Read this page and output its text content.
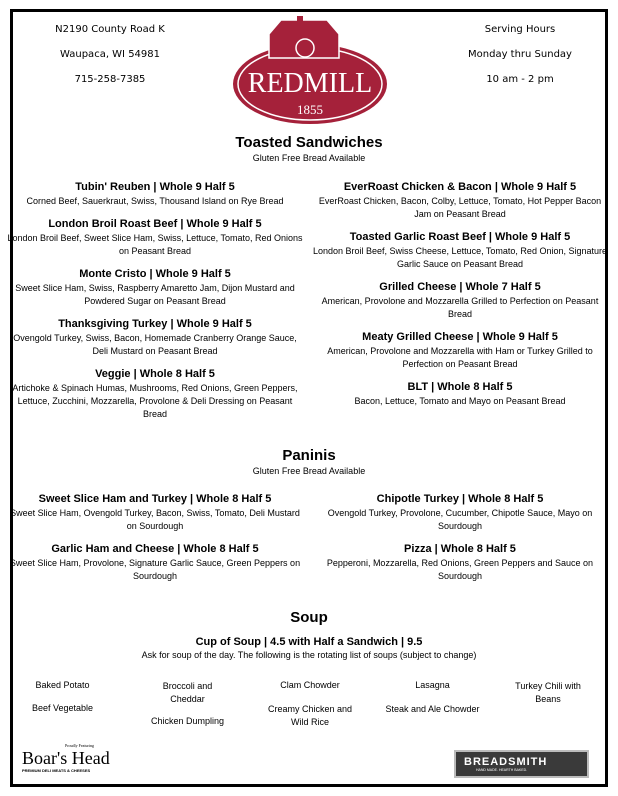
N2190 County Road K
Waupaca, WI 54981
715-258-7385
Serving Hours
Monday thru Sunday
10 am - 2 pm
REDMILL
1855
Toasted Sandwiches
Gluten Free Bread Available
Tubin' Reuben | Whole 9 Half 5
Corned Beef, Sauerkraut, Swiss, Thousand Island on Rye Bread
London Broil Roast Beef | Whole 9 Half 5
London Broil Beef, Sweet Slice Ham, Swiss, Lettuce, Tomato, Red Onions on Peasant Bread
Monte Cristo | Whole 9 Half 5
Sweet Slice Ham, Swiss, Raspberry Amaretto Jam, Dijon Mustard and Powdered Sugar on Peasant Bread
Thanksgiving Turkey | Whole 9 Half 5
Ovengold Turkey, Swiss, Bacon, Homemade Cranberry Orange Sauce, Deli Mustard on Peasant Bread
Veggie | Whole 8 Half 5
Artichoke & Spinach Humas, Mushrooms, Red Onions, Green Peppers, Lettuce, Zucchini, Mozzarella, Provolone & Deli Dressing on Peasant Bread
EverRoast Chicken & Bacon | Whole 9 Half 5
EverRoast Chicken, Bacon, Colby, Lettuce, Tomato, Hot Pepper Bacon Jam on Peasant Bread
Toasted Garlic Roast Beef | Whole 9 Half 5
London Broil Beef, Swiss Cheese, Lettuce, Tomato, Red Onion, Signature Garlic Sauce on Peasant Bread
Grilled Cheese | Whole 7 Half 5
American, Provolone and Mozzarella Grilled to Perfection on Peasant Bread
Meaty Grilled Cheese | Whole 9 Half 5
American, Provolone and Mozzarella with Ham or Turkey Grilled to Perfection on Peasant Bread
BLT | Whole 8 Half 5
Bacon, Lettuce, Tomato and Mayo on Peasant Bread
Paninis
Gluten Free Bread Available
Sweet Slice Ham and Turkey | Whole 8 Half 5
Sweet Slice Ham, Ovengold Turkey, Bacon, Swiss, Tomato, Deli Mustard on Sourdough
Garlic Ham and Cheese | Whole 8 Half 5
Sweet Slice Ham, Provolone, Signature Garlic Sauce, Green Peppers on Sourdough
Chipotle Turkey | Whole 8 Half 5
Ovengold Turkey, Provolone, Cucumber, Chipotle Sauce, Mayo on Sourdough
Pizza | Whole 8 Half 5
Pepperoni, Mozzarella, Red Onions, Green Peppers and Sauce on Sourdough
Soup
Cup of Soup | 4.5 with Half a Sandwich | 9.5
Ask for soup of the day. The following is the rotating list of soups (subject to change)
Baked Potato
Beef Vegetable
Broccoli and Cheddar
Chicken Dumpling
Clam Chowder
Creamy Chicken and Wild Rice
Lasagna
Steak and Ale Chowder
Turkey Chili with Beans
Proudly Featuring
Boar's Head
PREMIUM DELI MEATS & CHEESES
BREADSMITH
HAND MADE. HEARTH BAKED.
